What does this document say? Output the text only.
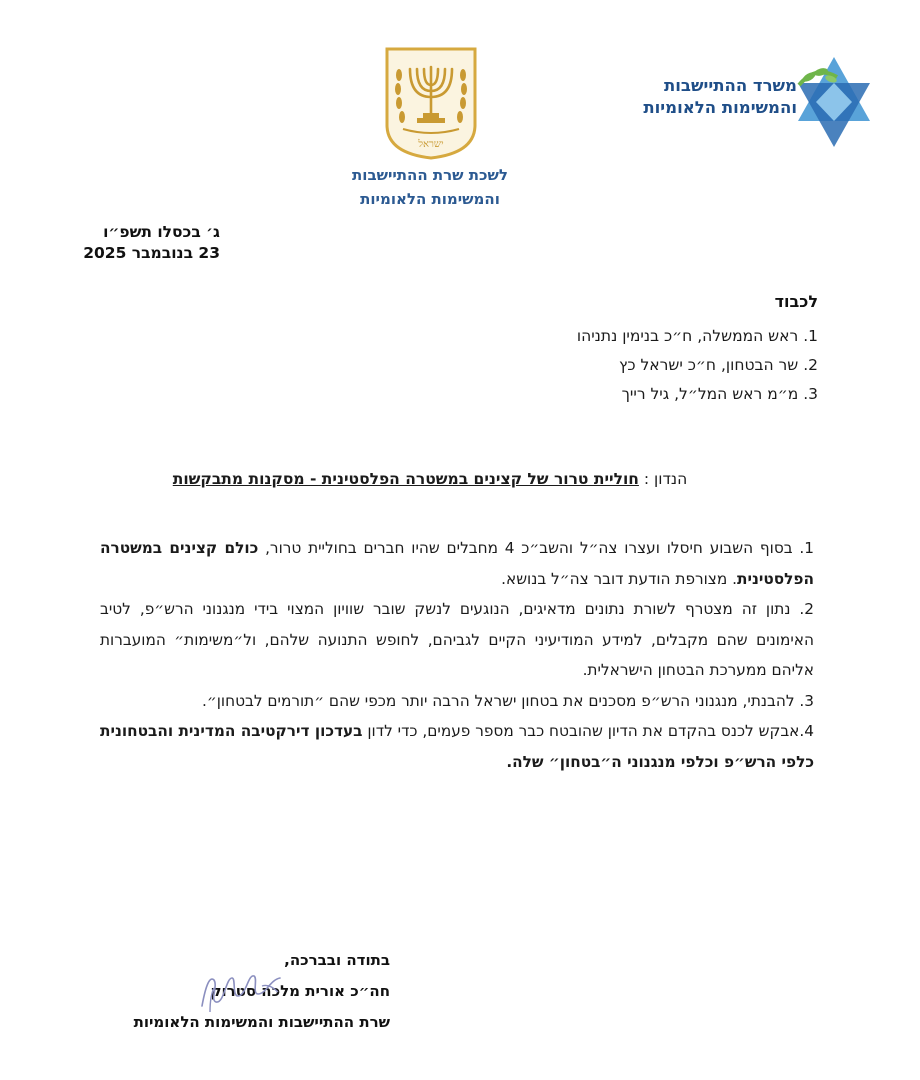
משרד ההתיישבות
והמשימות הלאומיות
ישראל
לשכת שרת ההתיישבות
והמשימות הלאומיות
ג׳ בכסלו תשפ״ו
23 בנובמבר 2025
לכבוד
1. ראש הממשלה, ח״כ בנימין נתניהו
2. שר הבטחון, ח״כ ישראל כץ
3. מ״מ ראש המל״ל, גיל רייך
הנדון : חוליית טרור של קצינים במשטרה הפלסטינית - מסקנות מתבקשות

1. בסוף השבוע חיסלו ועצרו צה״ל והשב״כ 4 מחבלים שהיו חברים בחוליית טרור, כולם קצינים במשטרה הפלסטינית. מצורפת הודעת דובר צה״ל בנושא.

2. נתון זה מצטרף לשורת נתונים מדאיגים, הנוגעים לנשק שובר שוויון המצוי בידי מנגנוני הרש״פ, לטיב האימונים שהם מקבלים, למידע המודיעיני הקיים לגביהם, לחופש התנועה שלהם, ול״משימות״ המועברות אליהם ממערכת הבטחון הישראלית.

3. להבנתי, מנגנוני הרש״פ מסכנים את בטחון ישראל הרבה יותר מכפי שהם ״תורמים לבטחון״.

4.אבקש לכנס בהקדם את הדיון שהובטח כבר מספר פעמים, כדי לדון בעדכון דירקטיבה המדינית והבטחונית כלפי הרש״פ וכלפי מנגנוני ה״בטחון״ שלה.

בתודה ובברכה,
חה״כ אורית מלכה סטרוק
שרת ההתיישבות והמשימות הלאומיות
